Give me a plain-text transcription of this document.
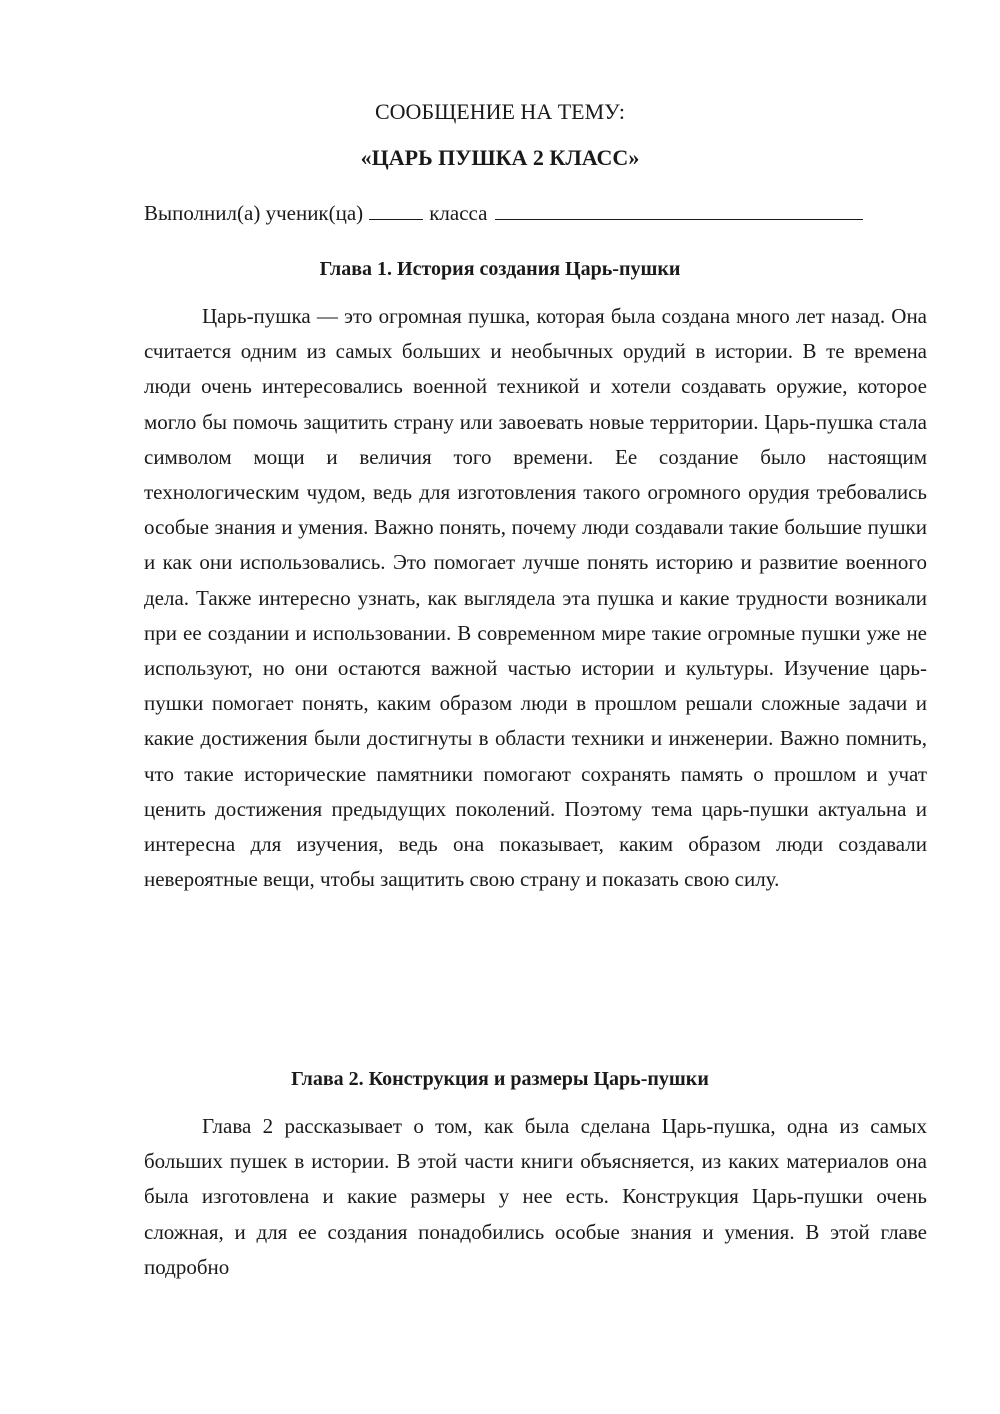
СООБЩЕНИЕ НА ТЕМУ:

«ЦАРЬ ПУШКА 2 КЛАСС»

Выполнил(а) ученик(ца)	класса
Глава 1. История создания Царь-пушки

Царь-пушка — это огромная пушка, которая была создана много лет назад. Она считается одним из самых больших и необычных орудий в истории. В те времена люди очень интересовались военной техникой и хотели создавать оружие, которое могло бы помочь защитить страну или завоевать новые территории. Царь-пушка стала символом мощи и величия того времени. Ее создание было настоящим технологическим чудом, ведь для изготовления такого огромного орудия требовались особые знания и умения. Важно понять, почему люди создавали такие большие пушки и как они использовались. Это помогает лучше понять историю и развитие военного дела. Также интересно узнать, как выглядела эта пушка и какие трудности возникали при ее создании и использовании. В современном мире такие огромные пушки уже не используют, но они остаются важной частью истории и культуры. Изучение царь-пушки помогает понять, каким образом люди в прошлом решали сложные задачи и какие достижения были достигнуты в области техники и инженерии. Важно помнить, что такие исторические памятники помогают сохранять память о прошлом и учат ценить достижения предыдущих поколений. Поэтому тема царь-пушки актуальна и интересна для изучения, ведь она показывает, каким образом люди создавали невероятные вещи, чтобы защитить свою страну и показать свою силу.

Глава 2. Конструкция и размеры Царь-пушки

Глава 2 рассказывает о том, как была сделана Царь-пушка, одна из самых больших пушек в истории. В этой части книги объясняется, из каких материалов она была изготовлена и какие размеры у нее есть. Конструкция Царь-пушки очень сложная, и для ее создания понадобились особые знания и умения. В этой главе подробно
